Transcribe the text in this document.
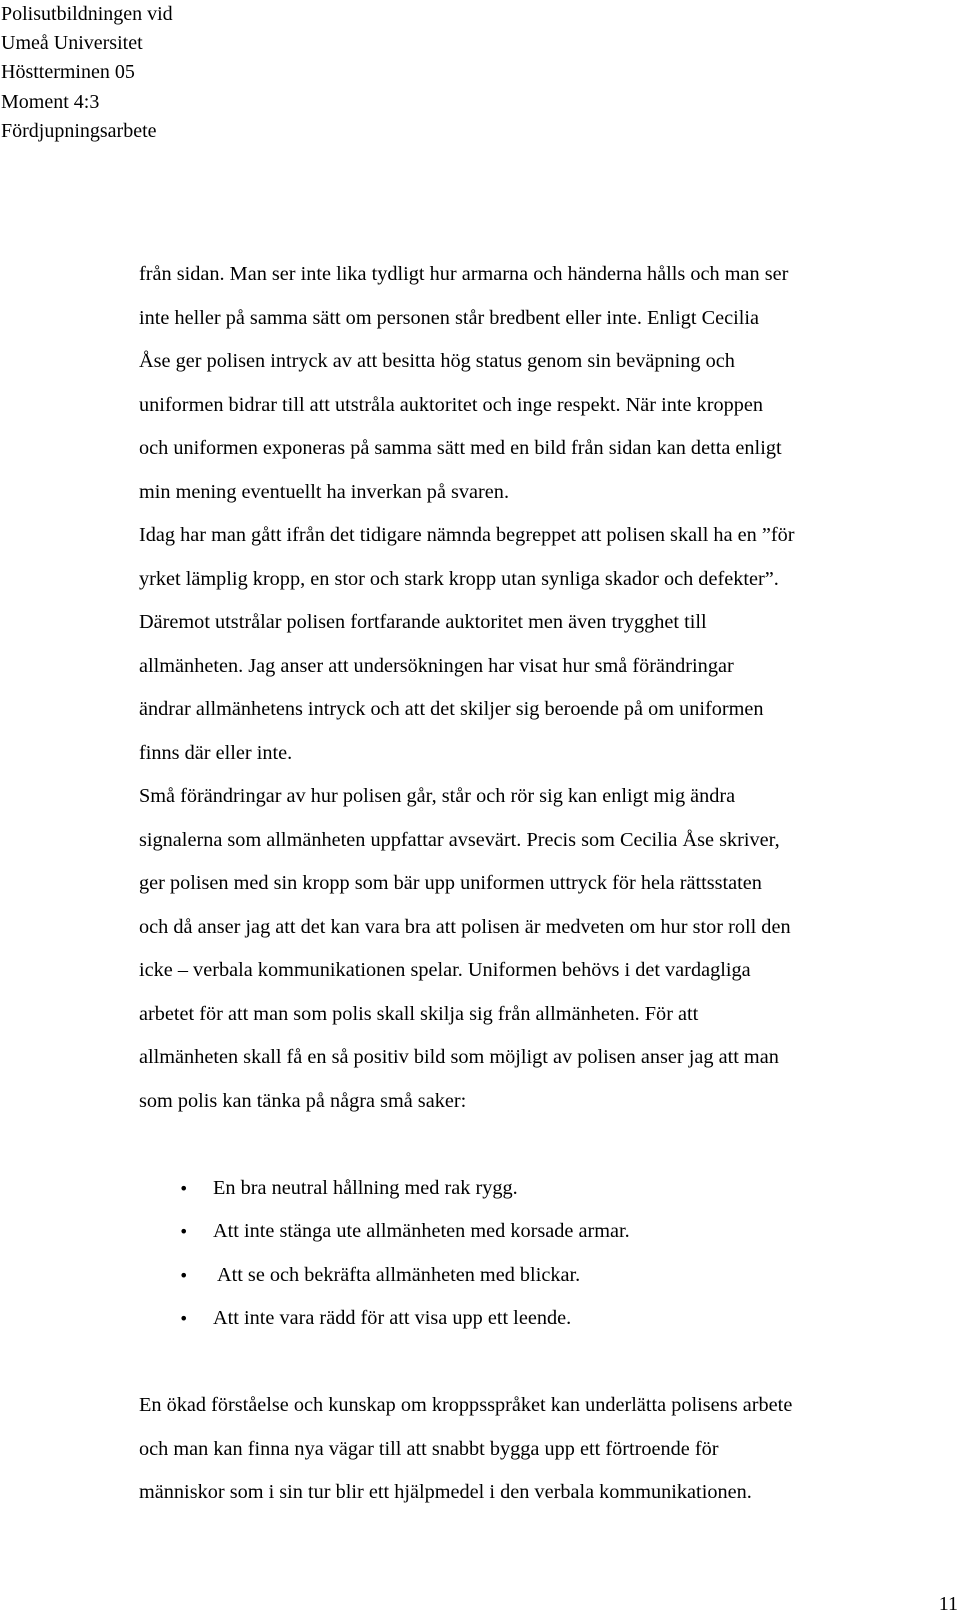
Polisutbildningen vid
Umeå Universitet
Höstterminen 05
Moment 4:3
Fördjupningsarbete
från sidan. Man ser inte lika tydligt hur armarna och händerna hålls och man ser
inte heller på samma sätt om personen står bredbent eller inte. Enligt Cecilia
Åse ger polisen intryck av att besitta hög status genom sin beväpning och
uniformen bidrar till att utstråla auktoritet och inge respekt. När inte kroppen
och uniformen exponeras på samma sätt med en bild från sidan kan detta enligt
min mening eventuellt ha inverkan på svaren.
Idag har man gått ifrån det tidigare nämnda begreppet att polisen skall ha en ”för
yrket lämplig kropp, en stor och stark kropp utan synliga skador och defekter”.
Däremot utstrålar polisen fortfarande auktoritet men även trygghet till
allmänheten. Jag anser att undersökningen har visat hur små förändringar
ändrar allmänhetens intryck och att det skiljer sig beroende på om uniformen
finns där eller inte.
Små förändringar av hur polisen går, står och rör sig kan enligt mig ändra
signalerna som allmänheten uppfattar avsevärt. Precis som Cecilia Åse skriver,
ger polisen med sin kropp som bär upp uniformen uttryck för hela rättsstaten
och då anser jag att det kan vara bra att polisen är medveten om hur stor roll den
icke – verbala kommunikationen spelar. Uniformen behövs i det vardagliga
arbetet för att man som polis skall skilja sig från allmänheten. För att
allmänheten skall få en så positiv bild som möjligt av polisen anser jag att man
som polis kan tänka på några små saker:
• En bra neutral hållning med rak rygg.
• Att inte stänga ute allmänheten med korsade armar.
• Att se och bekräfta allmänheten med blickar.
• Att inte vara rädd för att visa upp ett leende.
En ökad förståelse och kunskap om kroppsspråket kan underlätta polisens arbete
och man kan finna nya vägar till att snabbt bygga upp ett förtroende för
människor som i sin tur blir ett hjälpmedel i den verbala kommunikationen.
11
